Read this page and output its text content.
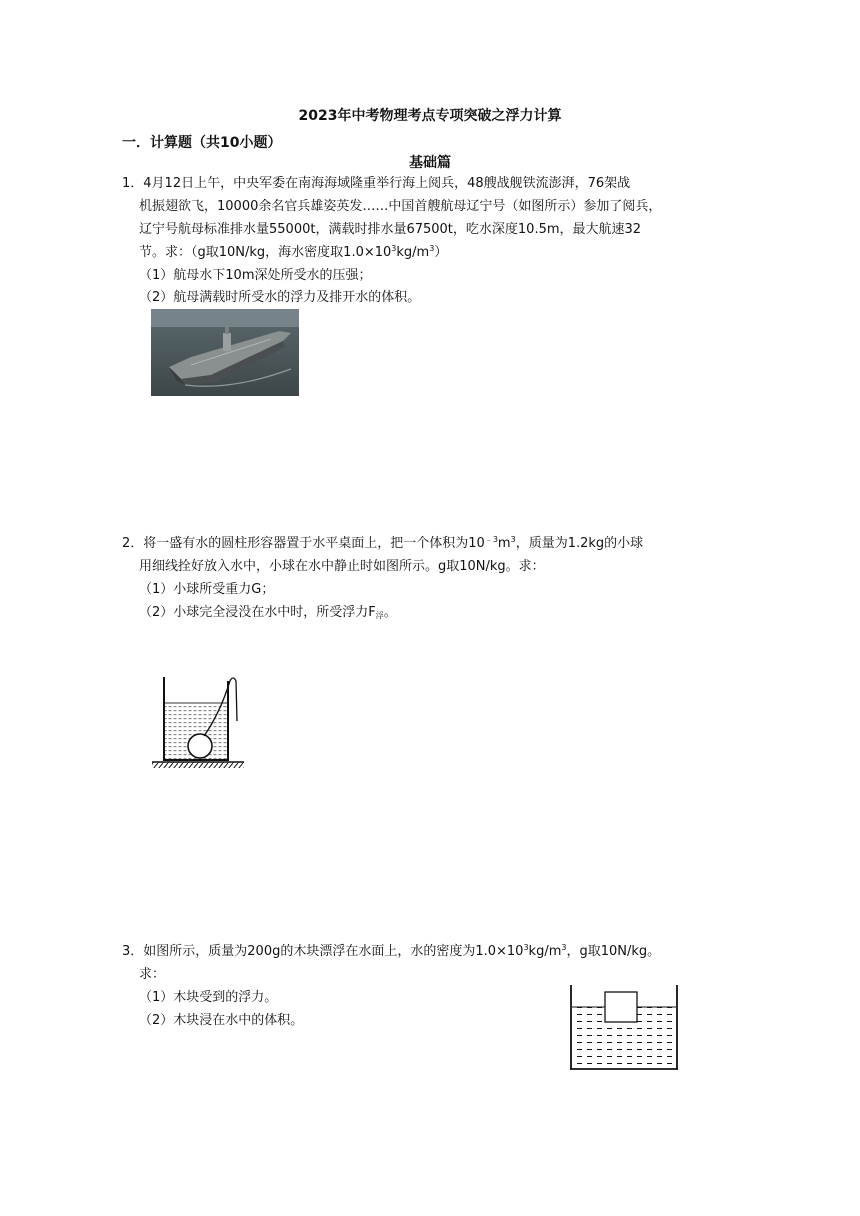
2023年中考物理考点专项突破之浮力计算
一．计算题（共10小题）
基础篇
1．4月12日上午，中央军委在南海海域隆重举行海上阅兵，48艘战舰铁流澎湃，76架战
机振翅欲飞，10000余名官兵雄姿英发……中国首艘航母辽宁号（如图所示）参加了阅兵，
辽宁号航母标准排水量55000t，满载时排水量67500t，吃水深度10.5m，最大航速32
节。求：（g取10N/kg，海水密度取$1.0\times 10^3kg/m^3$）
（1）航母水下10m深处所受水的压强；
（2）航母满载时所受水的浮力及排开水的体积。
2．将一盛有水的圆柱形容器置于水平桌面上，把一个体积为$10^{﹣3}m^3$，质量为1.2kg的小球
用细线拴好放入水中，小球在水中静止时如图所示。g取10N/kg。求：
（1）小球所受重力G；
（2）小球完全浸没在水中时，所受浮力$F_浮$。
3．如图所示，质量为200g的木块漂浮在水面上，水的密度为$1.0\times 10^3kg/m^3$，g取10N/kg。
求：
（1）木块受到的浮力。
（2）木块浸在水中的体积。
